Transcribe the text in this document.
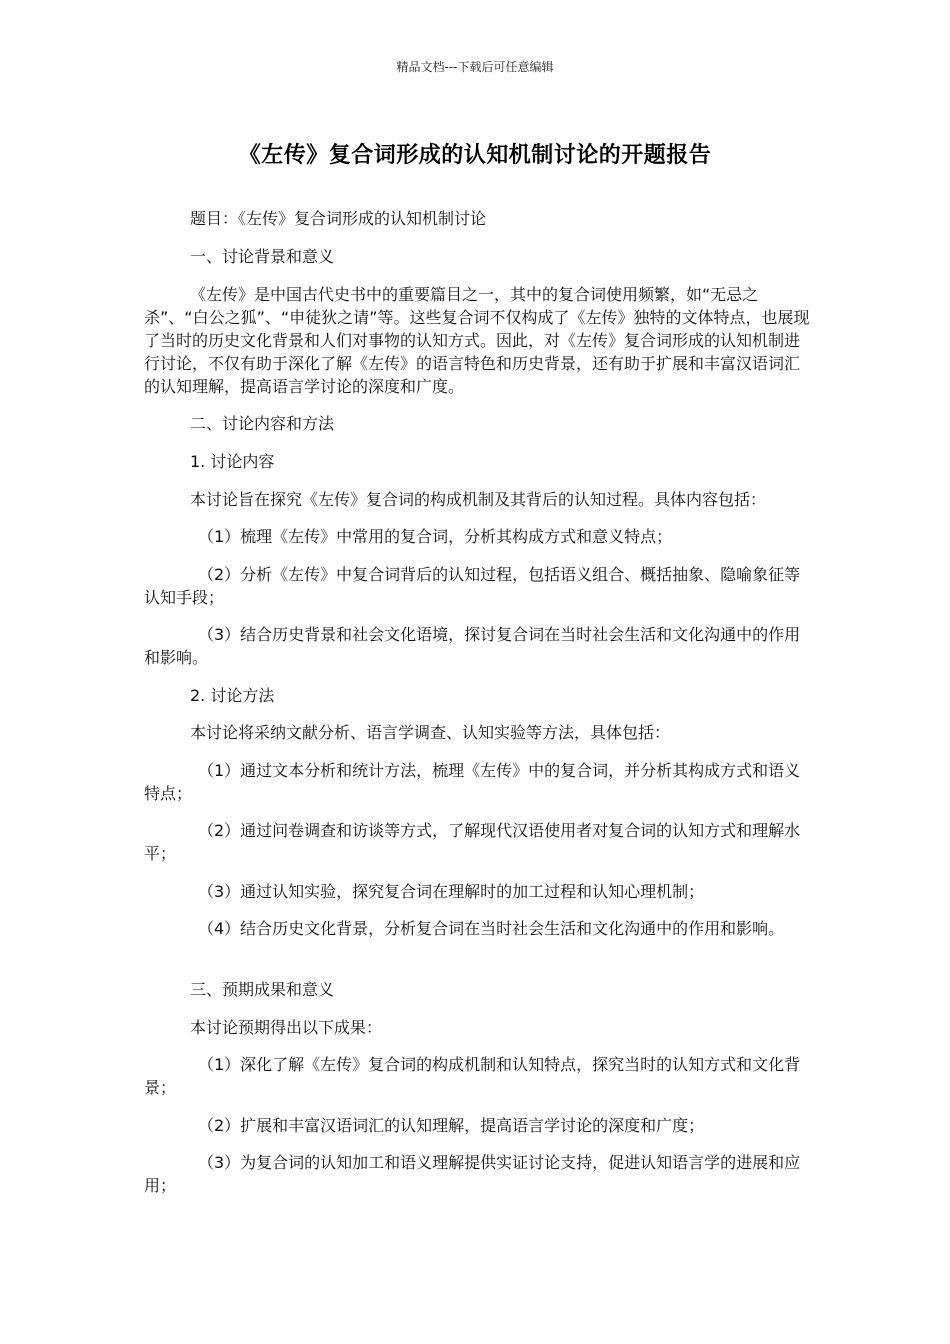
精品文档---下载后可任意编辑
《左传》复合词形成的认知机制讨论的开题报告

题目：《左传》复合词形成的认知机制讨论

一、讨论背景和意义

《左传》是中国古代史书中的重要篇目之一，其中的复合词使用频繁，如“无忌之杀”、“白公之狐”、“申徒狄之请”等。这些复合词不仅构成了《左传》独特的文体特点，也展现了当时的历史文化背景和人们对事物的认知方式。因此，对《左传》复合词形成的认知机制进行讨论，不仅有助于深化了解《左传》的语言特色和历史背景，还有助于扩展和丰富汉语词汇的认知理解，提高语言学讨论的深度和广度。

二、讨论内容和方法

1. 讨论内容

本讨论旨在探究《左传》复合词的构成机制及其背后的认知过程。具体内容包括：

（1）梳理《左传》中常用的复合词，分析其构成方式和意义特点；

（2）分析《左传》中复合词背后的认知过程，包括语义组合、概括抽象、隐喻象征等认知手段；

（3）结合历史背景和社会文化语境，探讨复合词在当时社会生活和文化沟通中的作用和影响。

2. 讨论方法

本讨论将采纳文献分析、语言学调查、认知实验等方法，具体包括：

（1）通过文本分析和统计方法，梳理《左传》中的复合词，并分析其构成方式和语义特点；

（2）通过问卷调查和访谈等方式，了解现代汉语使用者对复合词的认知方式和理解水平；

（3）通过认知实验，探究复合词在理解时的加工过程和认知心理机制；

（4）结合历史文化背景，分析复合词在当时社会生活和文化沟通中的作用和影响。

三、预期成果和意义

本讨论预期得出以下成果：

（1）深化了解《左传》复合词的构成机制和认知特点，探究当时的认知方式和文化背景；

（2）扩展和丰富汉语词汇的认知理解，提高语言学讨论的深度和广度；

（3）为复合词的认知加工和语义理解提供实证讨论支持，促进认知语言学的进展和应用；
